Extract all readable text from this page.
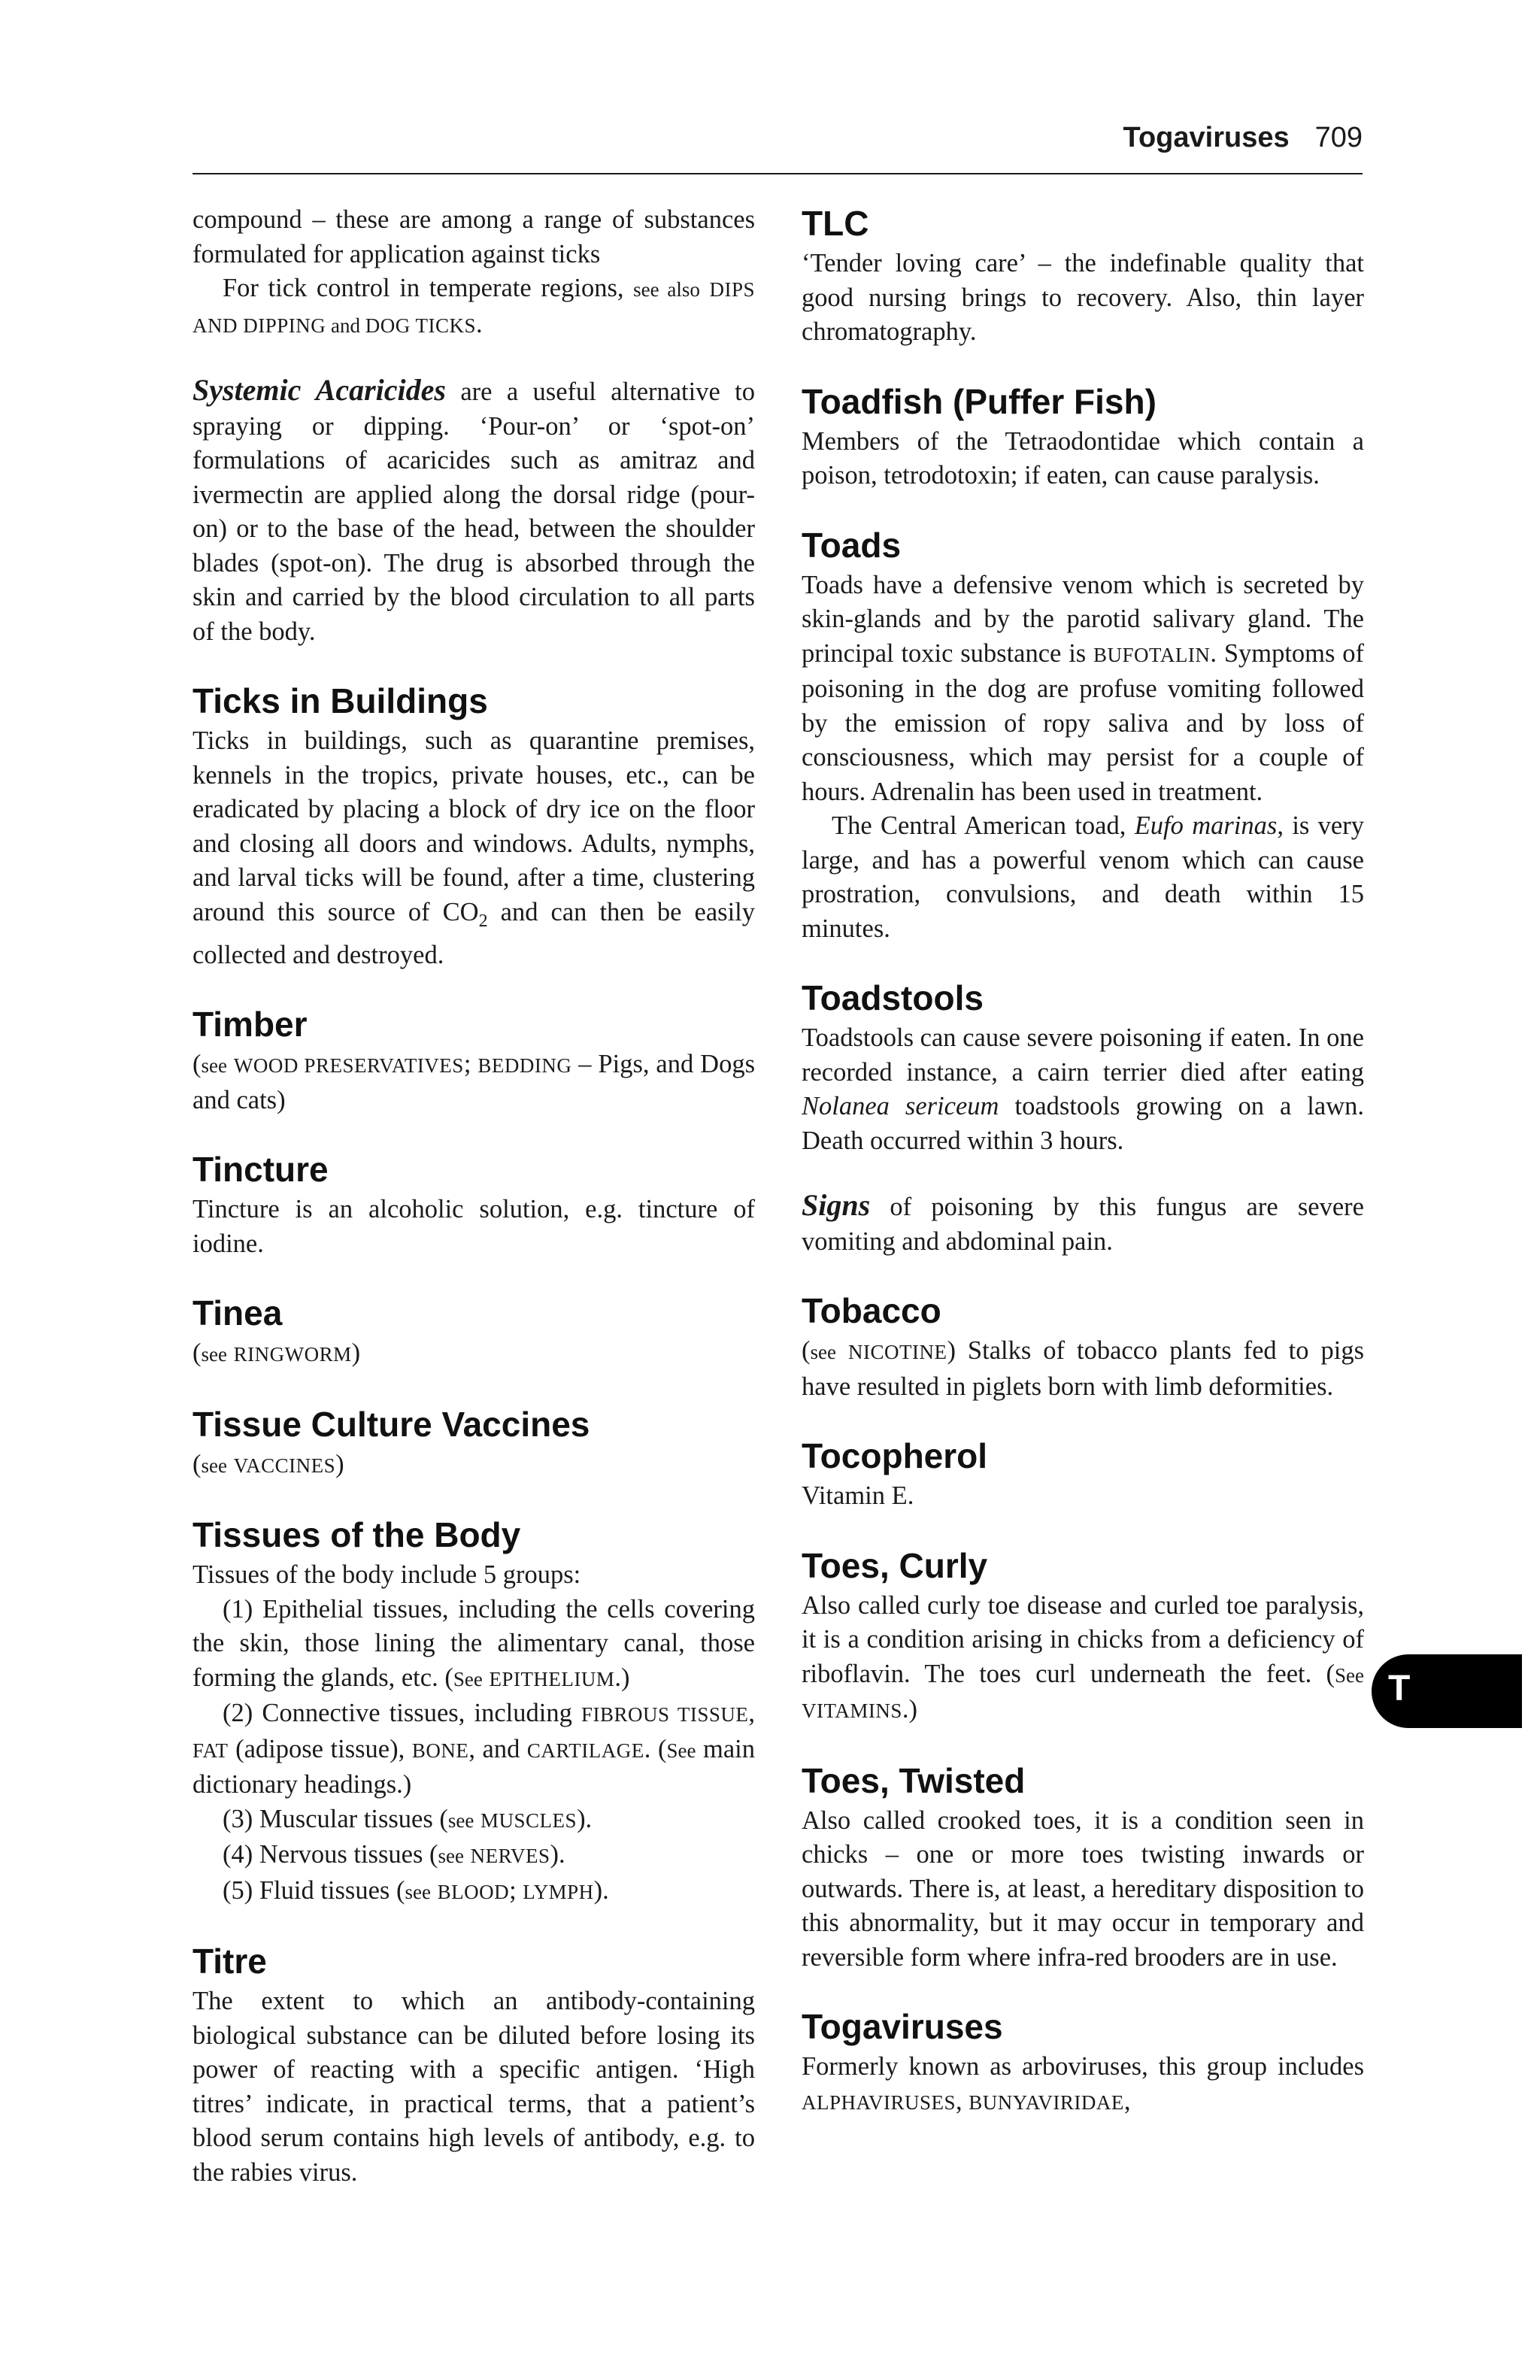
Togaviruses 709

compound – these are among a range of substances formulated for application against ticks

For tick control in temperate regions, see also DIPS AND DIPPING and DOG TICKS.

Systemic Acaricides are a useful alternative to spraying or dipping. ‘Pour-on’ or ‘spot-on’ formulations of acaricides such as amitraz and ivermectin are applied along the dorsal ridge (pour-on) or to the base of the head, between the shoulder blades (spot-on). The drug is absorbed through the skin and carried by the blood circulation to all parts of the body.

Ticks in Buildings

Ticks in buildings, such as quarantine premises, kennels in the tropics, private houses, etc., can be eradicated by placing a block of dry ice on the floor and closing all doors and windows. Adults, nymphs, and larval ticks will be found, after a time, clustering around this source of $CO_2$ and can then be easily collected and destroyed.

Timber

(see WOOD PRESERVATIVES; BEDDING – Pigs, and Dogs and cats)

Tincture

Tincture is an alcoholic solution, e.g. tincture of iodine.

Tinea

(see RINGWORM)

Tissue Culture Vaccines

(see VACCINES)

Tissues of the Body

Tissues of the body include 5 groups:

(1) Epithelial tissues, including the cells covering the skin, those lining the alimentary canal, those forming the glands, etc. (See EPITHELIUM.)

(2) Connective tissues, including FIBROUS TISSUE, FAT (adipose tissue), BONE, and CARTILAGE. (See main dictionary headings.)

(3) Muscular tissues (see MUSCLES).

(4) Nervous tissues (see NERVES).

(5) Fluid tissues (see BLOOD; LYMPH).

Titre

The extent to which an antibody-containing biological substance can be diluted before losing its power of reacting with a specific antigen. ‘High titres’ indicate, in practical terms, that a patient’s blood serum contains high levels of antibody, e.g. to the rabies virus.

TLC

‘Tender loving care’ – the indefinable quality that good nursing brings to recovery. Also, thin layer chromatography.

Toadfish (Puffer Fish)

Members of the Tetraodontidae which contain a poison, tetrodotoxin; if eaten, can cause paralysis.

Toads

Toads have a defensive venom which is secreted by skin-glands and by the parotid salivary gland. The principal toxic substance is BUFOTALIN. Symptoms of poisoning in the dog are profuse vomiting followed by the emission of ropy saliva and by loss of consciousness, which may persist for a couple of hours. Adrenalin has been used in treatment.

The Central American toad, Eufo marinas, is very large, and has a powerful venom which can cause prostration, convulsions, and death within 15 minutes.

Toadstools

Toadstools can cause severe poisoning if eaten. In one recorded instance, a cairn terrier died after eating Nolanea sericeum toadstools growing on a lawn. Death occurred within 3 hours.

Signs of poisoning by this fungus are severe vomiting and abdominal pain.

Tobacco

(see NICOTINE) Stalks of tobacco plants fed to pigs have resulted in piglets born with limb deformities.

Tocopherol

Vitamin E.

Toes, Curly

Also called curly toe disease and curled toe paralysis, it is a condition arising in chicks from a deficiency of riboflavin. The toes curl underneath the feet. (See VITAMINS.)

Toes, Twisted

Also called crooked toes, it is a condition seen in chicks – one or more toes twisting inwards or outwards. There is, at least, a hereditary disposition to this abnormality, but it may occur in temporary and reversible form where infra-red brooders are in use.

Togaviruses

Formerly known as arboviruses, this group includes ALPHAVIRUSES, BUNYAVIRIDAE,

T
